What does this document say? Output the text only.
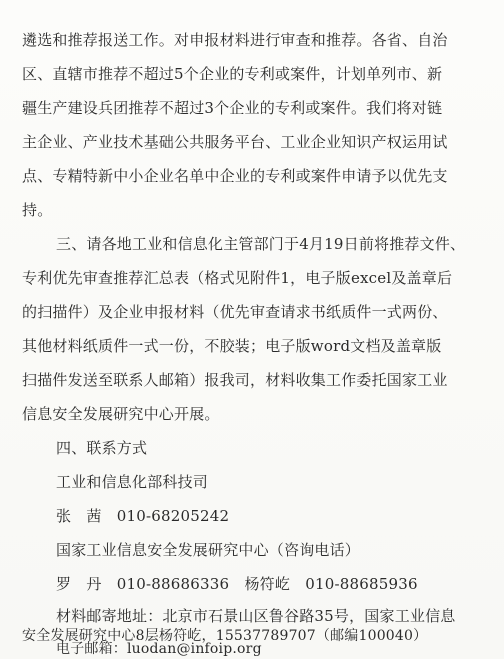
遴选和推荐报送工作。对申报材料进行审查和推荐。各省、自治
区、直辖市推荐不超过5个企业的专利或案件，计划单列市、新
疆生产建设兵团推荐不超过3个企业的专利或案件。我们将对链
主企业、产业技术基础公共服务平台、工业企业知识产权运用试
点、专精特新中小企业名单中企业的专利或案件申请予以优先支
持。
三、请各地工业和信息化主管部门于4月19日前将推荐文件、
专利优先审查推荐汇总表（格式见附件1，电子版excel及盖章后
的扫描件）及企业申报材料（优先审查请求书纸质件一式两份、
其他材料纸质件一式一份，不胶装；电子版word文档及盖章版
扫描件发送至联系人邮箱）报我司，材料收集工作委托国家工业
信息安全发展研究中心开展。
四、联系方式
工业和信息化部科技司
张　茜　010-68205242
国家工业信息安全发展研究中心（咨询电话）
罗　丹　010-88686336　杨符屹　010-88685936
材料邮寄地址：北京市石景山区鲁谷路35号，国家工业信息
安全发展研究中心8层杨符屹，15537789707（邮编100040）
电子邮箱：luodan@infoip.org
